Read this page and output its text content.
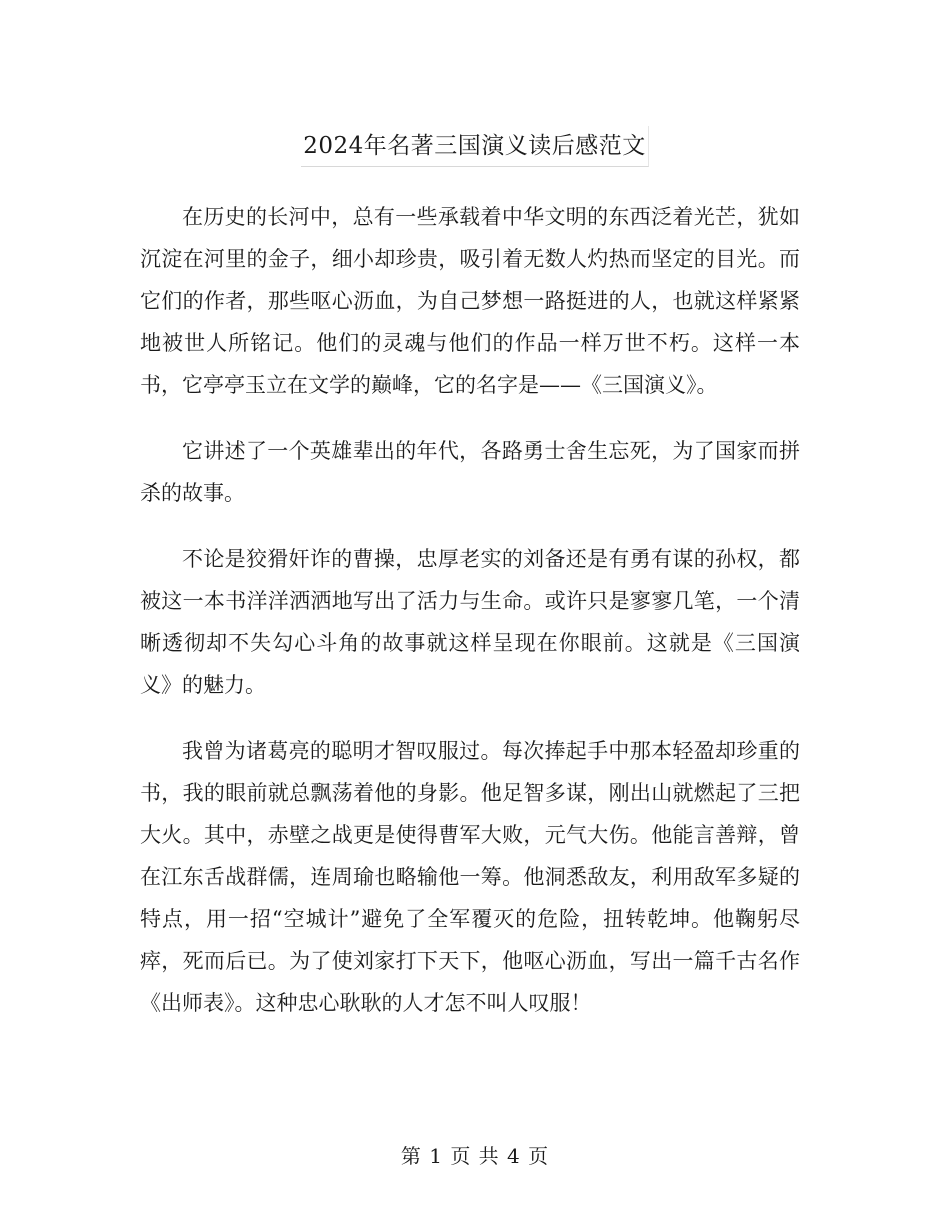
2024年名著三国演义读后感范文

在历史的长河中，总有一些承载着中华文明的东西泛着光芒，犹如沉淀在河里的金子，细小却珍贵，吸引着无数人灼热而坚定的目光。而它们的作者，那些呕心沥血，为自己梦想一路挺进的人，也就这样紧紧地被世人所铭记。他们的灵魂与他们的作品一样万世不朽。这样一本书，它亭亭玉立在文学的巅峰，它的名字是——《三国演义》。

它讲述了一个英雄辈出的年代，各路勇士舍生忘死，为了国家而拼杀的故事。

不论是狡猾奸诈的曹操，忠厚老实的刘备还是有勇有谋的孙权，都被这一本书洋洋洒洒地写出了活力与生命。或许只是寥寥几笔，一个清晰透彻却不失勾心斗角的故事就这样呈现在你眼前。这就是《三国演义》的魅力。

我曾为诸葛亮的聪明才智叹服过。每次捧起手中那本轻盈却珍重的书，我的眼前就总飘荡着他的身影。他足智多谋，刚出山就燃起了三把大火。其中，赤壁之战更是使得曹军大败，元气大伤。他能言善辩，曾在江东舌战群儒，连周瑜也略输他一筹。他洞悉敌友，利用敌军多疑的特点，用一招“空城计”避免了全军覆灭的危险，扭转乾坤。他鞠躬尽瘁，死而后已。为了使刘家打下天下，他呕心沥血，写出一篇千古名作《出师表》。这种忠心耿耿的人才怎不叫人叹服！

第 1 页 共 4 页
